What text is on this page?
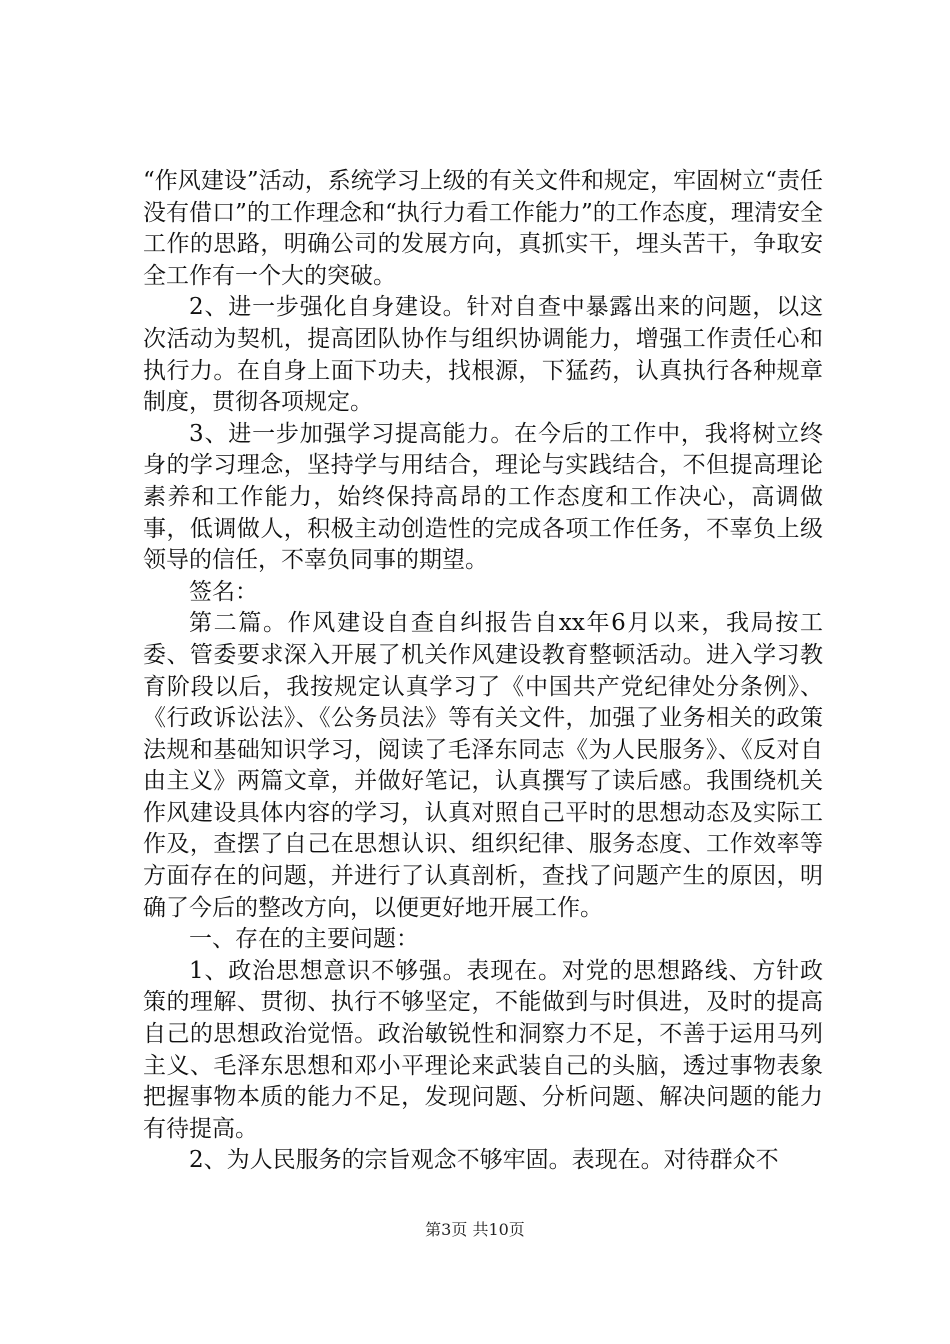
“作风建设”活动，系统学习上级的有关文件和规定，牢固树立“责任没有借口”的工作理念和“执行力看工作能力”的工作态度，理清安全工作的思路，明确公司的发展方向，真抓实干，埋头苦干，争取安全工作有一个大的突破。

2、进一步强化自身建设。针对自查中暴露出来的问题，以这次活动为契机，提高团队协作与组织协调能力，增强工作责任心和执行力。在自身上面下功夫，找根源，下猛药，认真执行各种规章制度，贯彻各项规定。

3、进一步加强学习提高能力。在今后的工作中，我将树立终身的学习理念，坚持学与用结合，理论与实践结合，不但提高理论素养和工作能力，始终保持高昂的工作态度和工作决心，高调做事，低调做人，积极主动创造性的完成各项工作任务，不辜负上级领导的信任，不辜负同事的期望。

签名：

第二篇。作风建设自查自纠报告自xx年6月以来，我局按工委、管委要求深入开展了机关作风建设教育整顿活动。进入学习教育阶段以后，我按规定认真学习了《中国共产党纪律处分条例》、《行政诉讼法》、《公务员法》等有关文件，加强了业务相关的政策法规和基础知识学习，阅读了毛泽东同志《为人民服务》、《反对自由主义》两篇文章，并做好笔记，认真撰写了读后感。我围绕机关作风建设具体内容的学习，认真对照自己平时的思想动态及实际工作及，查摆了自己在思想认识、组织纪律、服务态度、工作效率等方面存在的问题，并进行了认真剖析，查找了问题产生的原因，明确了今后的整改方向，以便更好地开展工作。

一、存在的主要问题：

1、政治思想意识不够强。表现在。对党的思想路线、方针政策的理解、贯彻、执行不够坚定，不能做到与时俱进，及时的提高自己的思想政治觉悟。政治敏锐性和洞察力不足，不善于运用马列主义、毛泽东思想和邓小平理论来武装自己的头脑，透过事物表象把握事物本质的能力不足，发现问题、分析问题、解决问题的能力有待提高。

2、为人民服务的宗旨观念不够牢固。表现在。对待群众不

第3页 共10页
